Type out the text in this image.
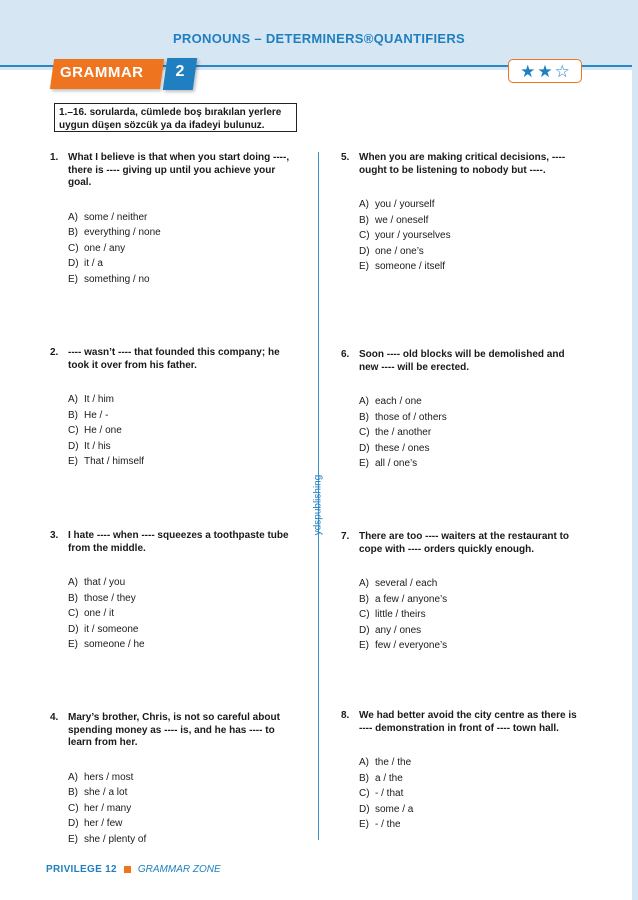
PRONOUNS – DETERMINERS®QUANTIFIERS
GRAMMAR	2	★ ★ ☆
1.–16. sorularda, cümlede boş bırakılan yerlere uygun düşen sözcük ya da ifadeyi bulunuz.
ydspublishing
1. What I believe is that when you start doing ----, there is ---- giving up until you achieve your goal.
A) some / neither
B) everything / none
C) one / any
D) it / a
E) something / no
2. ---- wasn’t ---- that founded this company; he took it over from his father.
A) It / him
B) He / -
C) He / one
D) It / his
E) That / himself
3. I hate ---- when ---- squeezes a toothpaste tube from the middle.
A) that / you
B) those / they
C) one / it
D) it / someone
E) someone / he
4. Mary’s brother, Chris, is not so careful about spending money as ---- is, and he has ---- to learn from her.
A) hers / most
B) she / a lot
C) her / many
D) her / few
E) she / plenty of
5. When you are making critical decisions, ---- ought to be listening to nobody but ----.
A) you / yourself
B) we / oneself
C) your / yourselves
D) one / one’s
E) someone / itself
6. Soon ---- old blocks will be demolished and new ---- will be erected.
A) each / one
B) those of / others
C) the / another
D) these / ones
E) all / one’s
7. There are too ---- waiters at the restaurant to cope with ---- orders quickly enough.
A) several / each
B) a few / anyone’s
C) little / theirs
D) any / ones
E) few / everyone’s
8. We had better avoid the city centre as there is ---- demonstration in front of ---- town hall.
A) the / the
B) a / the
C) - / that
D) some / a
E) - / the
PRIVILEGE 12 GRAMMAR ZONE
